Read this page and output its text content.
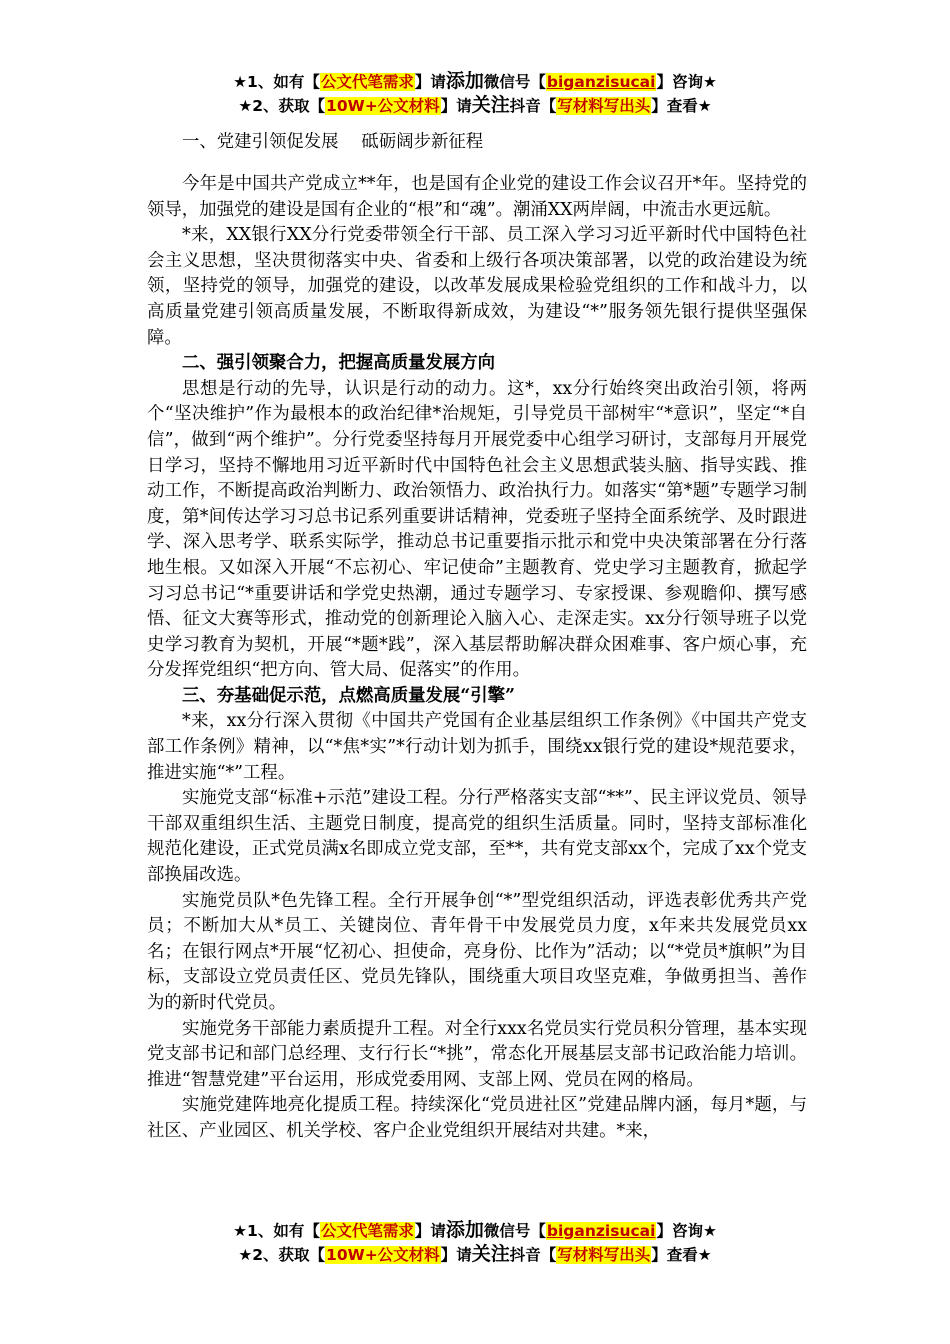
★1、如有【公文代笔需求】请添加微信号【biganzisucai】咨询★
★2、获取【10W+公文材料】请关注抖音【写材料写出头】查看★
一、党建引领促发展　 砥砺阔步新征程

今年是中国共产党成立**年，也是国有企业党的建设工作会议召开*年。坚持党的领导，加强党的建设是国有企业的“根”和“魂”。潮涌XX两岸阔，中流击水更远航。

*来，XX银行XX分行党委带领全行干部、员工深入学习习近平新时代中国特色社会主义思想，坚决贯彻落实中央、省委和上级行各项决策部署，以党的政治建设为统领，坚持党的领导，加强党的建设，以改革发展成果检验党组织的工作和战斗力，以高质量党建引领高质量发展，不断取得新成效，为建设“*”服务领先银行提供坚强保障。

二、强引领聚合力，把握高质量发展方向

思想是行动的先导，认识是行动的动力。这*，xx分行始终突出政治引领，将两个“坚决维护”作为最根本的政治纪律*治规矩，引导党员干部树牢“*意识”，坚定“*自信”，做到“两个维护”。分行党委坚持每月开展党委中心组学习研讨，支部每月开展党日学习，坚持不懈地用习近平新时代中国特色社会主义思想武装头脑、指导实践、推动工作，不断提高政治判断力、政治领悟力、政治执行力。如落实“第*题”专题学习制度，第*间传达学习习总书记系列重要讲话精神，党委班子坚持全面系统学、及时跟进学、深入思考学、联系实际学，推动总书记重要指示批示和党中央决策部署在分行落地生根。又如深入开展“不忘初心、牢记使命”主题教育、党史学习主题教育，掀起学习习总书记“*重要讲话和学党史热潮，通过专题学习、专家授课、参观瞻仰、撰写感悟、征文大赛等形式，推动党的创新理论入脑入心、走深走实。xx分行领导班子以党史学习教育为契机，开展“*题*践”，深入基层帮助解决群众困难事、客户烦心事，充分发挥党组织“把方向、管大局、促落实”的作用。

三、夯基础促示范，点燃高质量发展“引擎”

*来，xx分行深入贯彻《中国共产党国有企业基层组织工作条例》《中国共产党支部工作条例》精神，以“*焦*实”*行动计划为抓手，围绕xx银行党的建设*规范要求，推进实施“*”工程。

实施党支部“标准+示范”建设工程。分行严格落实支部“**”、民主评议党员、领导干部双重组织生活、主题党日制度，提高党的组织生活质量。同时，坚持支部标准化规范化建设，正式党员满x名即成立党支部，至**，共有党支部xx个，完成了xx个党支部换届改选。

实施党员队*色先锋工程。全行开展争创“*”型党组织活动，评选表彰优秀共产党员；不断加大从*员工、关键岗位、青年骨干中发展党员力度，x年来共发展党员xx名；在银行网点*开展“忆初心、担使命，亮身份、比作为”活动；以“*党员*旗帜”为目标，支部设立党员责任区、党员先锋队，围绕重大项目攻坚克难，争做勇担当、善作为的新时代党员。

实施党务干部能力素质提升工程。对全行xxx名党员实行党员积分管理，基本实现党支部书记和部门总经理、支行行长“*挑”，常态化开展基层支部书记政治能力培训。推进“智慧党建”平台运用，形成党委用网、支部上网、党员在网的格局。

实施党建阵地亮化提质工程。持续深化“党员进社区”党建品牌内涵，每月*题，与社区、产业园区、机关学校、客户企业党组织开展结对共建。*来，

★1、如有【公文代笔需求】请添加微信号【biganzisucai】咨询★
★2、获取【10W+公文材料】请关注抖音【写材料写出头】查看★
